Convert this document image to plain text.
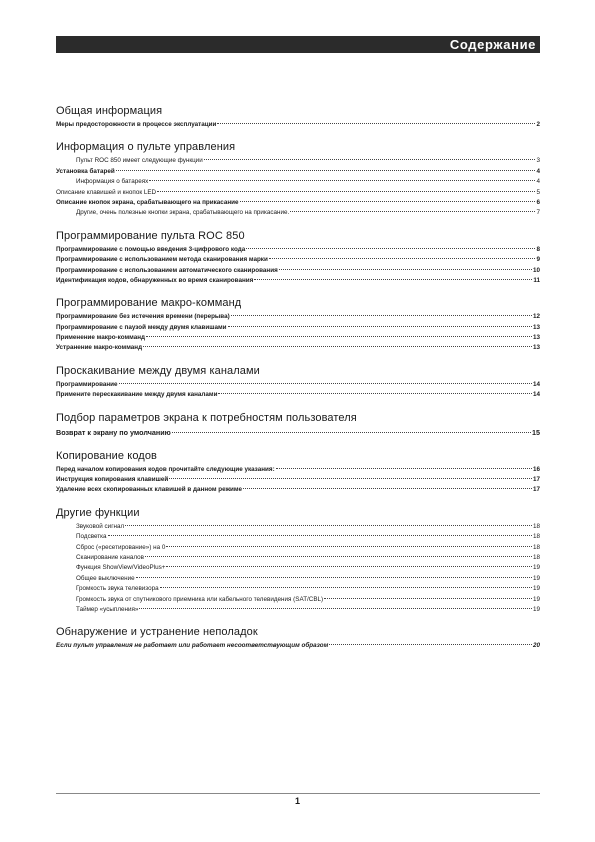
Содержание
Общая информация
Меры предосторожности в процессе эксплуатации	2
Информация о пульте управления
Пульт ROC 850 имеет следующие функции	3
Установка батарей	4
Информация о батареях	4
Описание клавишей и кнопок LED	5
Описание кнопок экрана, срабатывающего на прикасание	6
Другие, очень полезные кнопки экрана, срабатывающего на прикасание.	7
Программирование пульта ROC 850
Программирование с помощью введения 3-цифрового кода	8
Программирование с использованием метода сканирования марки	9
Программирование с использованием автоматического сканирования	10
Идентификация кодов, обнаруженных во время сканирования	11
Программирование макро-комманд
Программирование без истечения времени (перерыва)	12
Программирование с паузой между двумя клавишами	13
Применение макро-комманд	13
Устранение макро-комманд	13
Проскакивание между двумя каналами
Программирование	14
Примените перескакивание между двумя каналами	14
Подбор параметров экрана к потребностям пользователя
Возврат к экрану по умолчанию	15
Копирование кодов
Перед началом копирования кодов прочитайте следующие указания:	16
Инструкция копирования клавишей	17
Удаление всех скопированных клавишей в данном режиме	17
Другие функции
Звуковой сигнал	18
Подсветка	18
Сброс («ресетирование») на 0	18
Сканирование каналов	18
Функция ShowView/VideoPlus+	19
Общее выключение	19
Громкость звука телевизора	19
Громкость звука от спутникового приемника или кабельного телевидения (SAT/CBL)	19
Таймер «усыпления»	19
Обнаружение и устранение неполадок
Если пульт управления не работает или работает несоответствующим образом	20
1
